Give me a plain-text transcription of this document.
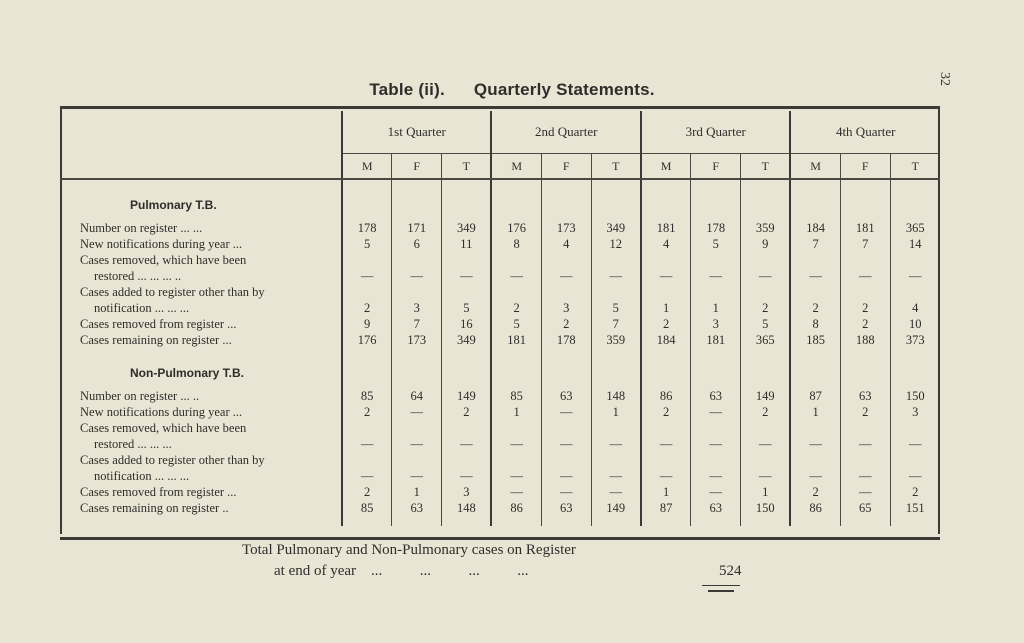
32
Table (ii). Quarterly Statements.
	1st Quarter			2nd Quarter			3rd Quarter			4th Quarter		
	M	F	T	M	F	T	M	F	T	M	F	T

Pulmonary T.B.												

Number on register ... ...	178	171	349	176	173	349	181	178	359	184	181	365
New notifications during year ...	5	6	11	8	4	12	4	5	9	7	7	14
Cases removed, which have been												
restored ... ... ... ..	—	—	—	—	—	—	—	—	—	—	—	—
Cases added to register other than by												
notification ... ... ...	2	3	5	2	3	5	1	1	2	2	2	4
Cases removed from register ...	9	7	16	5	2	7	2	3	5	8	2	10
Cases remaining on register ...	176	173	349	181	178	359	184	181	365	185	188	373

Non-Pulmonary T.B.												

Number on register ... ..	85	64	149	85	63	148	86	63	149	87	63	150
New notifications during year ...	2	—	2	1	—	1	2	—	2	1	2	3
Cases removed, which have been												
restored ... ... ...	—	—	—	—	—	—	—	—	—	—	—	—
Cases added to register other than by												
notification ... ... ...	—	—	—	—	—	—	—	—	—	—	—	—
Cases removed from register ...	2	1	3	—	—	—	1	—	1	2	—	2
Cases remaining on register ..	85	63	148	86	63	149	87	63	150	86	65	151

Total Pulmonary and Non-Pulmonary cases on Register
at end of year    ...          ...          ...          ...	524
